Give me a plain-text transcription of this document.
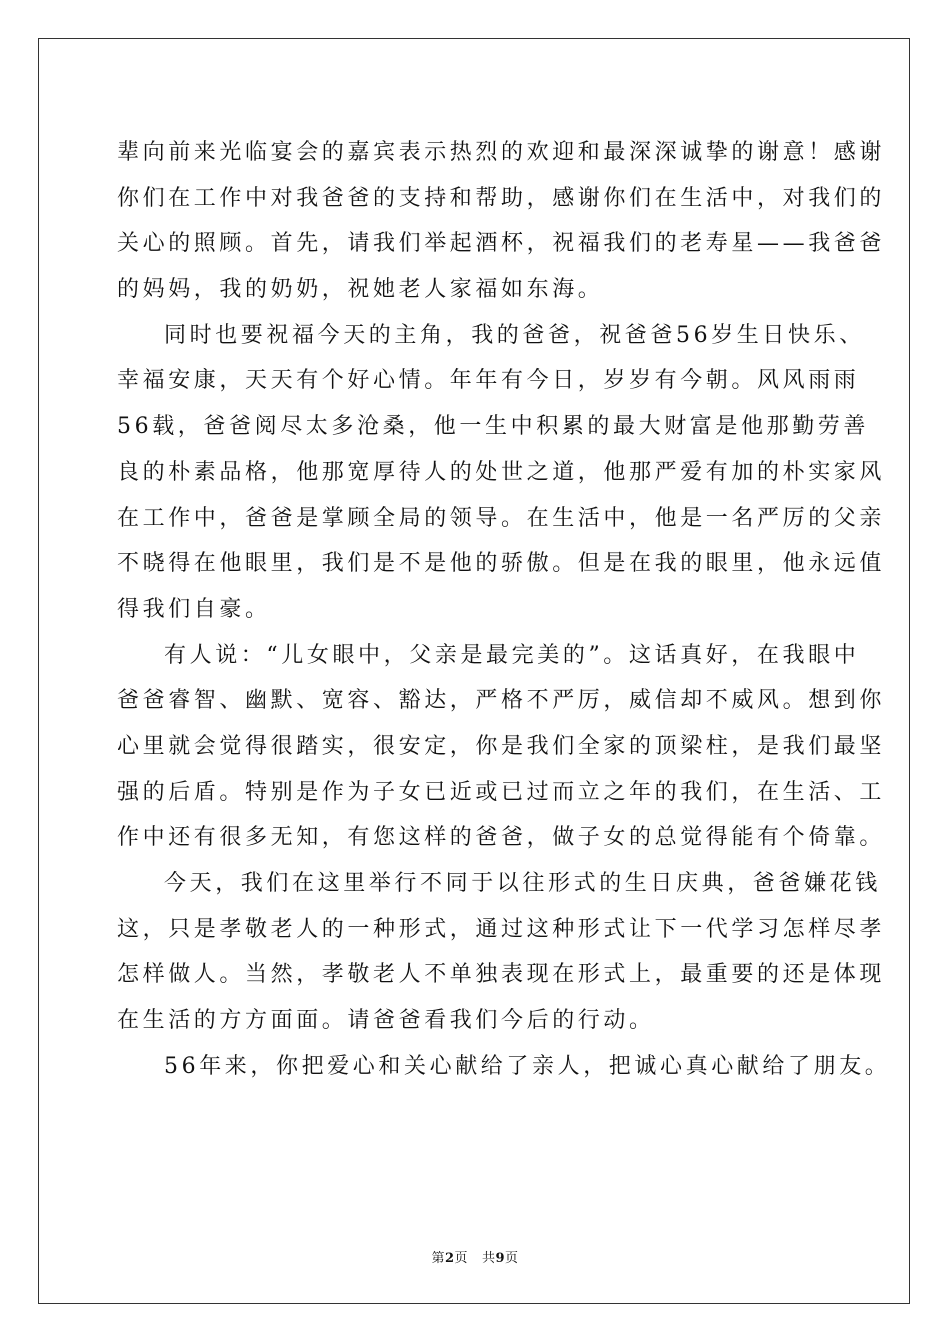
辈向前来光临宴会的嘉宾表示热烈的欢迎和最深深诚挚的谢意！感谢
你们在工作中对我爸爸的支持和帮助，感谢你们在生活中，对我们的
关心的照顾。首先，请我们举起酒杯，祝福我们的老寿星——我爸爸
的妈妈，我的奶奶，祝她老人家福如东海。
同时也要祝福今天的主角，我的爸爸，祝爸爸56岁生日快乐、
幸福安康，天天有个好心情。年年有今日，岁岁有今朝。风风雨雨
56载，爸爸阅尽太多沧桑，他一生中积累的最大财富是他那勤劳善
良的朴素品格，他那宽厚待人的处世之道，他那严爱有加的朴实家风
在工作中，爸爸是掌顾全局的领导。在生活中，他是一名严厉的父亲
不晓得在他眼里，我们是不是他的骄傲。但是在我的眼里，他永远值
得我们自豪。
有人说：“儿女眼中，父亲是最完美的”。这话真好，在我眼中
爸爸睿智、幽默、宽容、豁达，严格不严厉，威信却不威风。想到你
心里就会觉得很踏实，很安定，你是我们全家的顶梁柱，是我们最坚
强的后盾。特别是作为子女已近或已过而立之年的我们，在生活、工
作中还有很多无知，有您这样的爸爸，做子女的总觉得能有个倚靠。
今天，我们在这里举行不同于以往形式的生日庆典，爸爸嫌花钱
这，只是孝敬老人的一种形式，通过这种形式让下一代学习怎样尽孝
怎样做人。当然，孝敬老人不单独表现在形式上，最重要的还是体现
在生活的方方面面。请爸爸看我们今后的行动。
56年来，你把爱心和关心献给了亲人，把诚心真心献给了朋友。
第2页 共9页
